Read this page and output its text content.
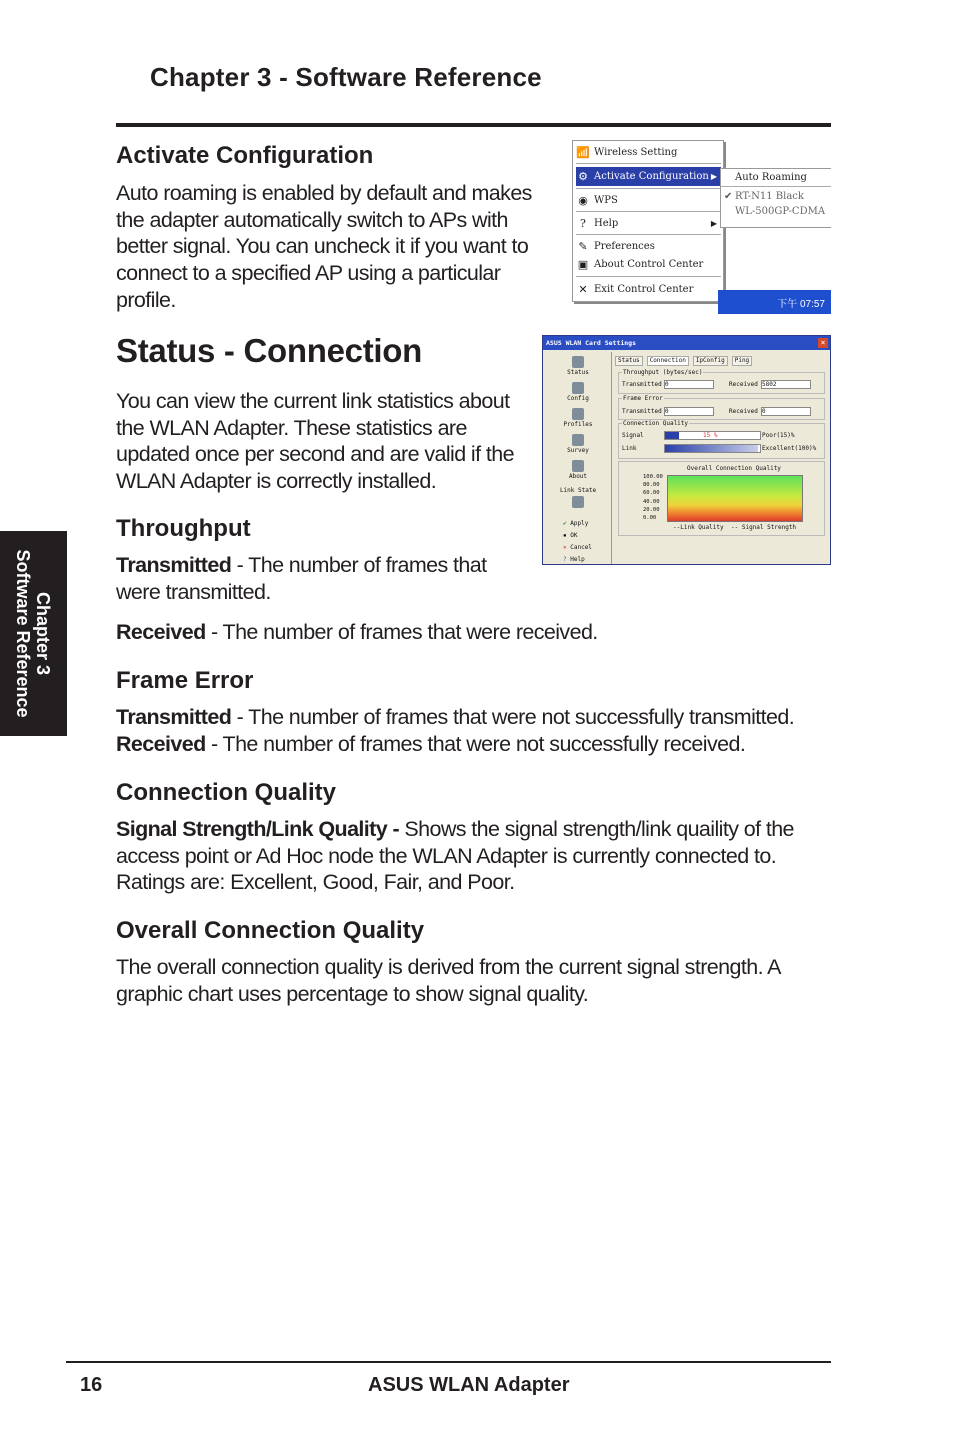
Chapter 3 - Software Reference
Activate Configuration

Auto roaming is enabled by default and makes the adapter automatically switch to APs with better signal. You can uncheck it if you want to connect to a specified AP using a particular profile.

📶 Wireless Setting
⚙ Activate Configuration ▶
◉ WPS
? Help	▶
✎ Preferences
▣ About Control Center
✕ Exit Control Center
Auto Roaming
✔ RT-N11 Black
WL-500GP-CDMA
下午 07:57
Status - Connection

You can view the current link statistics about the WLAN Adapter. These statistics are updated once per second and are valid if the WLAN Adapter is correctly installed.

ASUS WLAN Card Settings	×
Status
Config
Profiles
Survey
About
Link State
✔ Apply
▪ OK
✕ Cancel
? Help
Status	Connection	IpConfig	Ping
Throughput (bytes/sec)
Transmitted 0	Received 5802
Frame Error
Transmitted 0	Received 0
Connection Quality
Signal	15 %	Poor(15)%
Link	Excellent(100)%
Overall Connection Quality
100.00
80.00
60.00
40.00
20.00
0.00
--Link Quality -- Signal Strength
Throughput

Transmitted - The number of frames that were transmitted.

Received - The number of frames that were received.

Frame Error

Transmitted - The number of frames that were not successfully transmitted.

Received - The number of frames that were not successfully received.

Connection Quality

Signal Strength/Link Quality - Shows the signal strength/link quaility of the access point or Ad Hoc node the WLAN Adapter is currently connected to. Ratings are: Excellent, Good, Fair, and Poor.

Overall Connection Quality

The overall connection quality is derived from the current signal strength. A graphic chart uses percentage to show signal quality.

Chapter 3
Software Reference
16	ASUS WLAN Adapter
